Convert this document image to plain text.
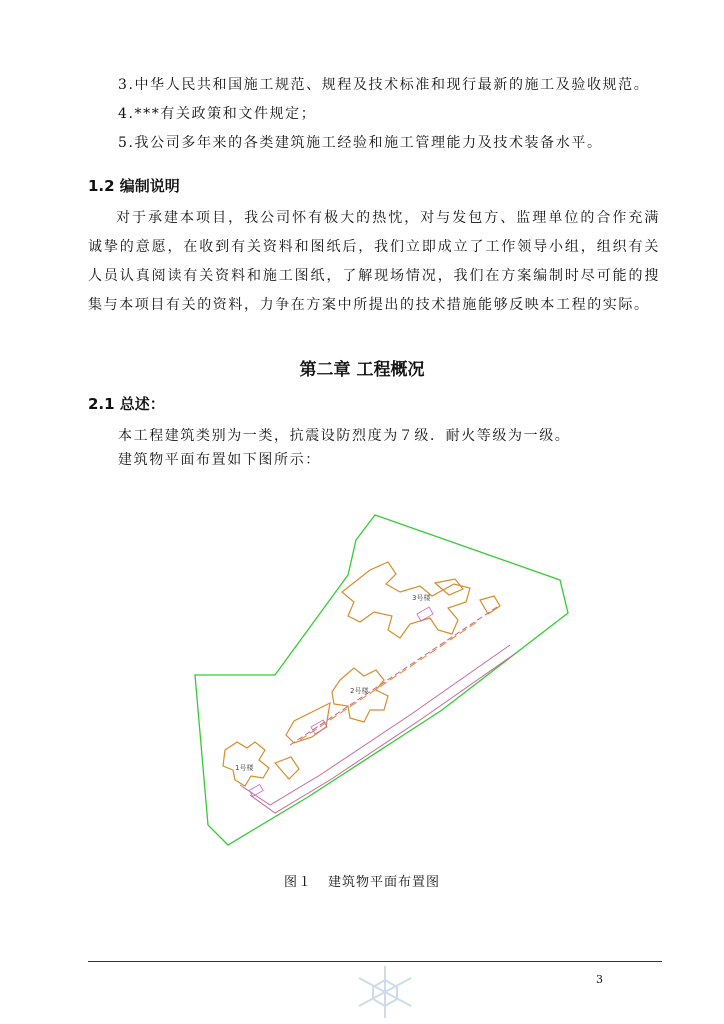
3.中华人民共和国施工规范、规程及技术标准和现行最新的施工及验收规范。
4.***有关政策和文件规定；
5.我公司多年来的各类建筑施工经验和施工管理能力及技术装备水平。
1.2 编制说明
对于承建本项目，我公司怀有极大的热忱，对与发包方、监理单位的合作充满诚挚的意愿，在收到有关资料和图纸后，我们立即成立了工作领导小组，组织有关人员认真阅读有关资料和施工图纸，了解现场情况，我们在方案编制时尽可能的搜集与本项目有关的资料，力争在方案中所提出的技术措施能够反映本工程的实际。
第二章 工程概况
2.1 总述：
本工程建筑类别为一类，抗震设防烈度为７级．耐火等级为一级。
建筑物平面布置如下图所示：
3号楼
2号楼
1号楼
图１ 建筑物平面布置图
3
